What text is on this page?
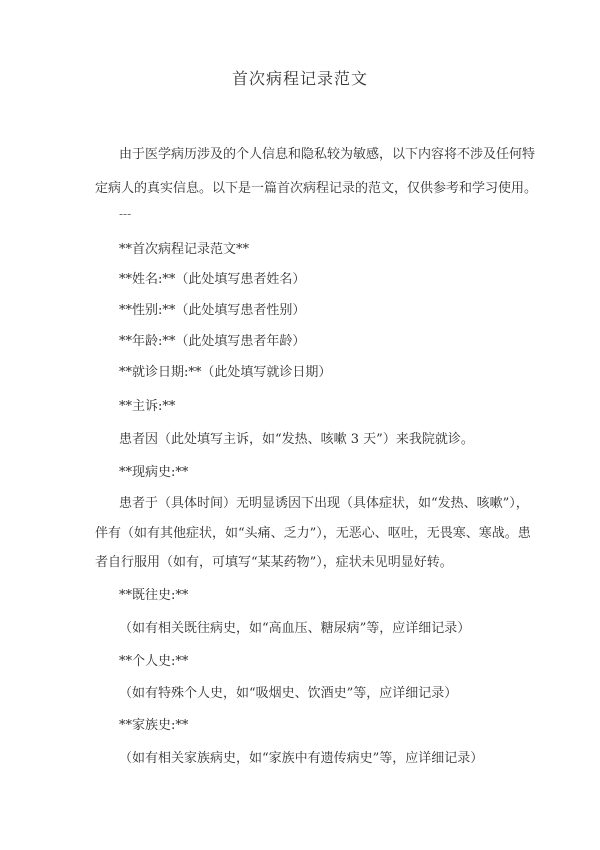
首次病程记录范文
由于医学病历涉及的个人信息和隐私较为敏感，以下内容将不涉及任何特
定病人的真实信息。以下是一篇首次病程记录的范文，仅供参考和学习使用。
---
**首次病程记录范文**
**姓名:**（此处填写患者姓名）
**性别:**（此处填写患者性别）
**年龄:**（此处填写患者年龄）
**就诊日期:**（此处填写就诊日期）
**主诉:**
患者因（此处填写主诉，如“发热、咳嗽 3 天”）来我院就诊。
**现病史:**
患者于（具体时间）无明显诱因下出现（具体症状，如“发热、咳嗽”），
伴有（如有其他症状，如“头痛、乏力”），无恶心、呕吐，无畏寒、寒战。患
者自行服用（如有，可填写“某某药物”），症状未见明显好转。
**既往史:**
（如有相关既往病史，如“高血压、糖尿病”等，应详细记录）
**个人史:**
（如有特殊个人史，如“吸烟史、饮酒史”等，应详细记录）
**家族史:**
（如有相关家族病史，如“家族中有遗传病史”等，应详细记录）
